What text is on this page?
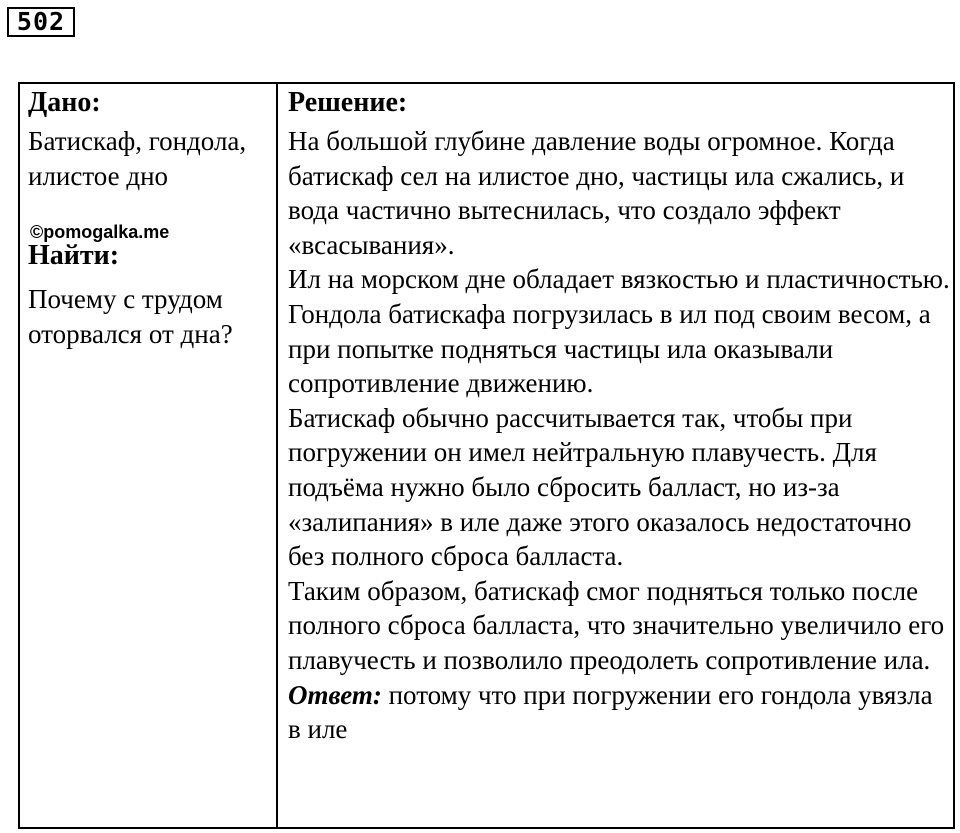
502

Дано:

Батискаф, гондола, илистое дно

©pomogalka.me

Найти:

Почему с трудом оторвался от дна?

Решение:

На большой глубине давление воды огромное. Когда батискаф сел на илистое дно, частицы ила сжались, и вода частично вытеснилась, что создало эффект «всасывания».

Ил на морском дне обладает вязкостью и пластичностью. Гондола батискафа погрузилась в ил под своим весом, а при попытке подняться частицы ила оказывали сопротивление движению.

Батискаф обычно рассчитывается так, чтобы при погружении он имел нейтральную плавучесть. Для подъёма нужно было сбросить балласт, но из-за «залипания» в иле даже этого оказалось недостаточно без полного сброса балласта.

Таким образом, батискаф смог подняться только после полного сброса балласта, что значительно увеличило его плавучесть и позволило преодолеть сопротивление ила.

Ответ: потому что при погружении его гондола увязла в иле
